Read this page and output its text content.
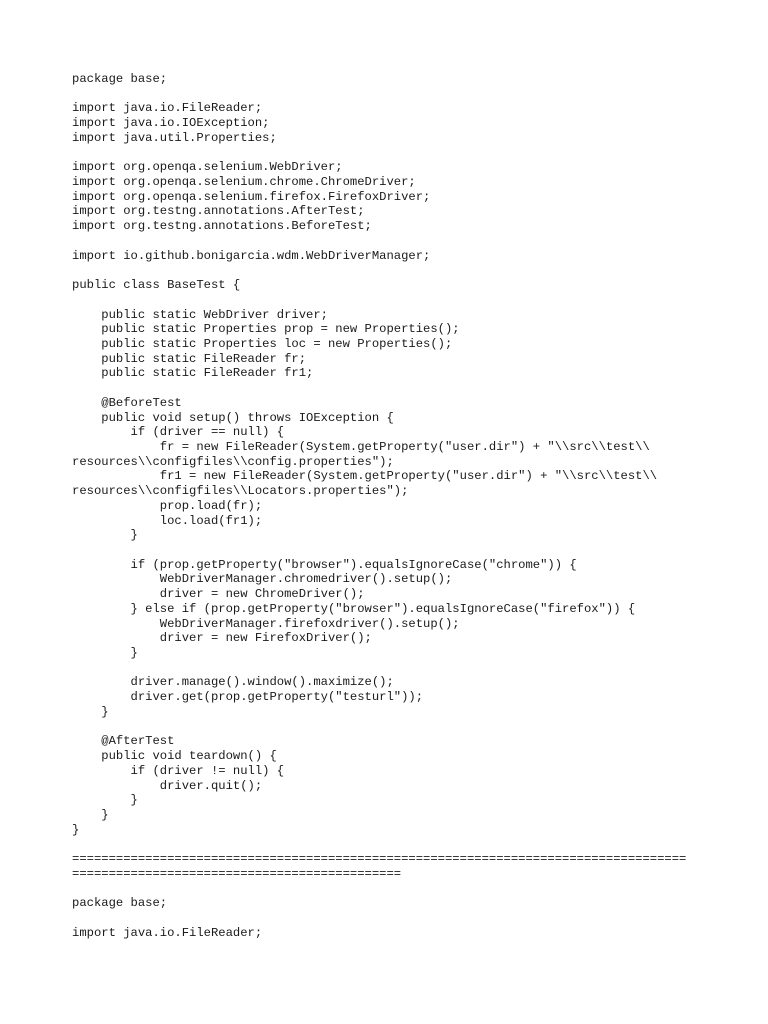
package base;
import java.io.FileReader;
import java.io.IOException;
import java.util.Properties;
import org.openqa.selenium.WebDriver;
import org.openqa.selenium.chrome.ChromeDriver;
import org.openqa.selenium.firefox.FirefoxDriver;
import org.testng.annotations.AfterTest;
import org.testng.annotations.BeforeTest;
import io.github.bonigarcia.wdm.WebDriverManager;
public class BaseTest {
public static WebDriver driver;
public static Properties prop = new Properties();
public static Properties loc = new Properties();
public static FileReader fr;
public static FileReader fr1;
@BeforeTest
public void setup() throws IOException {
if (driver == null) {
fr = new FileReader(System.getProperty("user.dir") + "\\src\\test\\
resources\\configfiles\\config.properties");
fr1 = new FileReader(System.getProperty("user.dir") + "\\src\\test\\
resources\\configfiles\\Locators.properties");
prop.load(fr);
loc.load(fr1);
}
if (prop.getProperty("browser").equalsIgnoreCase("chrome")) {
WebDriverManager.chromedriver().setup();
driver = new ChromeDriver();
} else if (prop.getProperty("browser").equalsIgnoreCase("firefox")) {
WebDriverManager.firefoxdriver().setup();
driver = new FirefoxDriver();
}
driver.manage().window().maximize();
driver.get(prop.getProperty("testurl"));
}
@AfterTest
public void teardown() {
if (driver != null) {
driver.quit();
}
}
}
====================================================================================
=============================================
package base;
import java.io.FileReader;
